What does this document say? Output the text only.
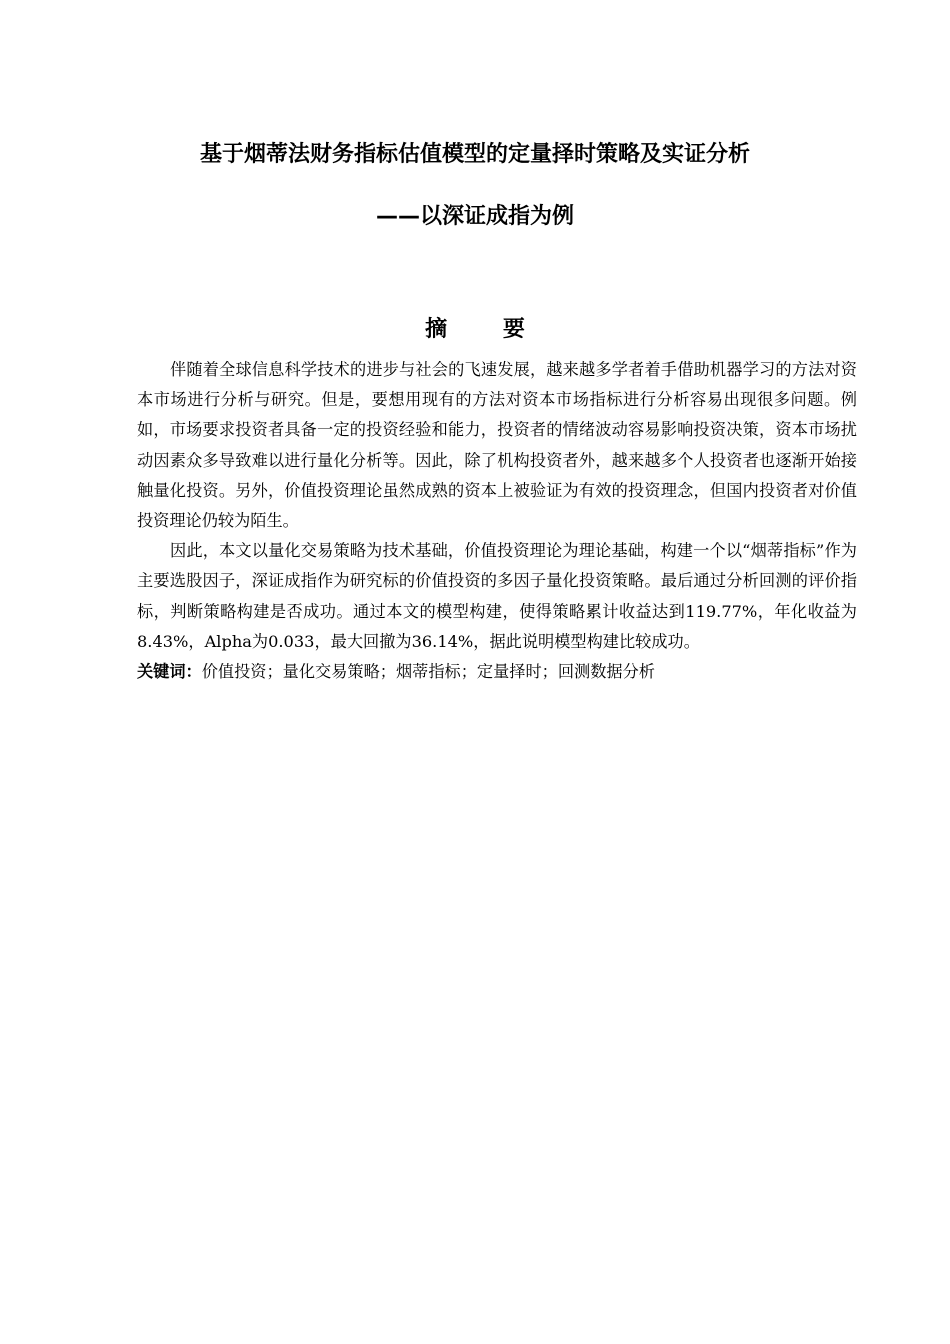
基于烟蒂法财务指标估值模型的定量择时策略及实证分析
——以深证成指为例
摘 要

伴随着全球信息科学技术的进步与社会的飞速发展，越来越多学者着手借助机器学习的方法对资本市场进行分析与研究。但是，要想用现有的方法对资本市场指标进行分析容易出现很多问题。例如，市场要求投资者具备一定的投资经验和能力，投资者的情绪波动容易影响投资决策，资本市场扰动因素众多导致难以进行量化分析等。因此，除了机构投资者外，越来越多个人投资者也逐渐开始接触量化投资。另外，价值投资理论虽然成熟的资本上被验证为有效的投资理念，但国内投资者对价值投资理论仍较为陌生。

因此，本文以量化交易策略为技术基础，价值投资理论为理论基础，构建一个以“烟蒂指标”作为主要选股因子，深证成指作为研究标的价值投资的多因子量化投资策略。最后通过分析回测的评价指标，判断策略构建是否成功。通过本文的模型构建，使得策略累计收益达到119.77%，年化收益为8.43%，Alpha为0.033，最大回撤为36.14%，据此说明模型构建比较成功。

关键词：价值投资；量化交易策略；烟蒂指标；定量择时；回测数据分析
